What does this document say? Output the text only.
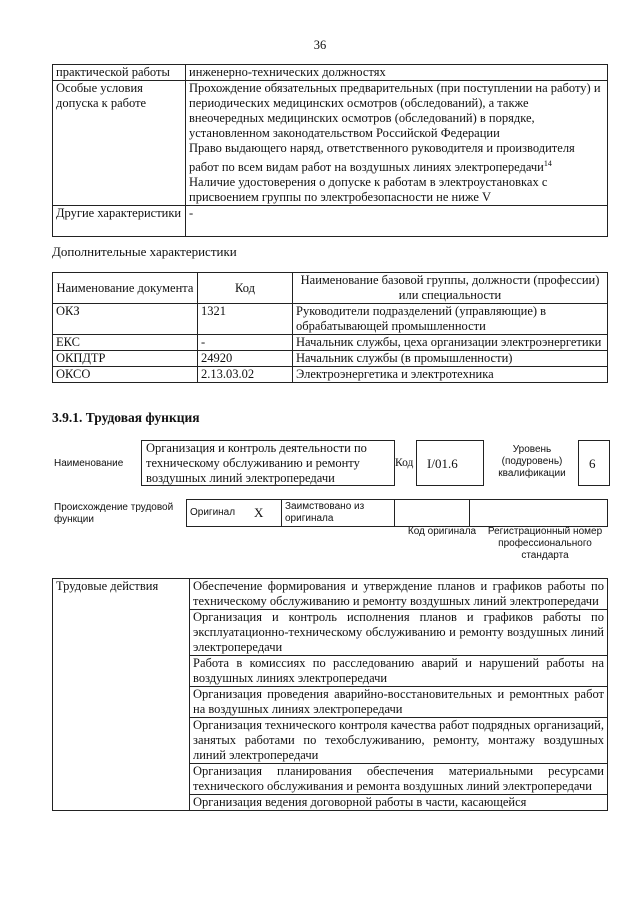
36
практической работы	инженерно-технических должностях
Особые условия допуска к работе	Прохождение обязательных предварительных (при поступлении на работу) и периодических медицинских осмотров (обследований), а также внеочередных медицинских осмотров (обследований) в порядке, установленном законодательством Российской Федерации
Право выдающего наряд, ответственного руководителя и производителя работ по всем видам работ на воздушных линиях электропередачи$^{14}$
Наличие удостоверения о допуске к работам в электроустановках с присвоением группы по электробезопасности не ниже V

Другие характеристики	-
Дополнительные характеристики
Наименование документа	Код	Наименование базовой группы, должности (профессии) или специальности
ОКЗ	1321	Руководители подразделений (управляющие) в обрабатывающей промышленности
ЕКС	-	Начальник службы, цеха организации электроэнергетики
ОКПДТР	24920	Начальник службы (в промышленности)
ОКСО	2.13.03.02	Электроэнергетика и электротехника
3.9.1. Трудовая функция
Наименование
Организация и контроль деятельности по техническому обслуживанию и ремонту воздушных линий электропередачи
Код I/01.6
Уровень (подуровень) квалификации
6
Происхождение трудовой функции
Оригинал	X	Заимствовано из оригинала		
Код оригинала	Регистрационный номер профессионального стандарта
Трудовые действия	Обеспечение формирования и утверждение планов и графиков работы по техническому обслуживанию и ремонту воздушных линий электропередачи
Организация и контроль исполнения планов и графиков работы по эксплуатационно-техническому обслуживанию и ремонту воздушных линий электропередачи
Работа в комиссиях по расследованию аварий и нарушений работы на воздушных линиях электропередачи
Организация проведения аварийно-восстановительных и ремонтных работ на воздушных линиях электропередачи
Организация технического контроля качества работ подрядных организаций, занятых работами по техобслуживанию, ремонту, монтажу воздушных линий электропередачи
Организация планирования обеспечения материальными ресурсами технического обслуживания и ремонта воздушных линий электропередачи
Организация ведения договорной работы в части, касающейся
